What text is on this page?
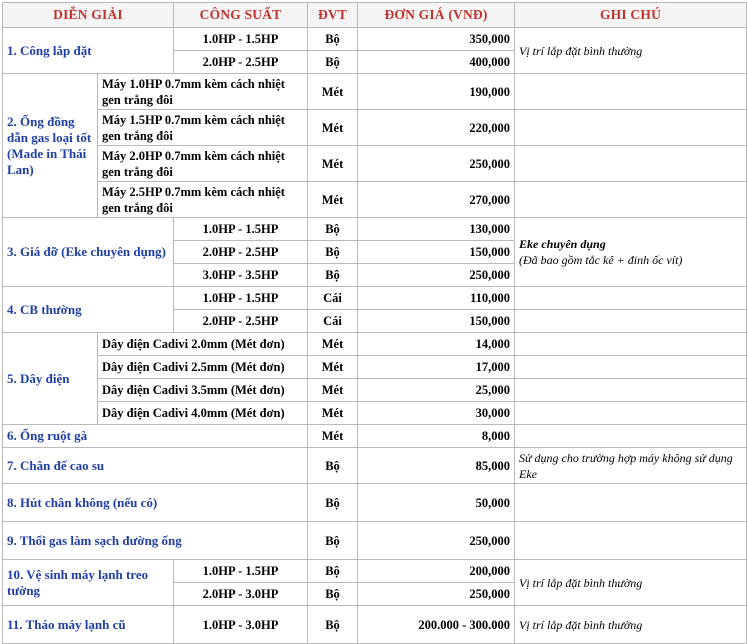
DIỄN GIẢI		CÔNG SUẤT	ĐVT	ĐƠN GIÁ (VNĐ)	GHI CHÚ
1. Công lắp đặt		1.0HP - 1.5HP	Bộ	350,000	Vị trí lắp đặt bình thường
		2.0HP - 2.5HP	Bộ	400,000	
2. Ống đồng dẫn gas loại tốt (Made in Thái Lan)	Máy 1.0HP 0.7mm kèm cách nhiệt gen trắng đôi		Mét	190,000	
	Máy 1.5HP 0.7mm kèm cách nhiệt gen trắng đôi		Mét	220,000	
	Máy 2.0HP 0.7mm kèm cách nhiệt gen trắng đôi		Mét	250,000	
	Máy 2.5HP 0.7mm kèm cách nhiệt gen trắng đôi		Mét	270,000	
3. Giá đỡ (Eke chuyên dụng)		1.0HP - 1.5HP	Bộ	130,000	Eke chuyên dụng
(Đã bao gồm tắc kê + đinh ốc vít)
		2.0HP - 2.5HP	Bộ	150,000	
		3.0HP - 3.5HP	Bộ	250,000	
4. CB thường		1.0HP - 1.5HP	Cái	110,000	
		2.0HP - 2.5HP	Cái	150,000	
5. Dây điện	Dây điện Cadivi 2.0mm (Mét đơn)		Mét	14,000	
	Dây điện Cadivi 2.5mm (Mét đơn)		Mét	17,000	
	Dây điện Cadivi 3.5mm (Mét đơn)		Mét	25,000	
	Dây điện Cadivi 4.0mm (Mét đơn)		Mét	30,000	
6. Ống ruột gà			Mét	8,000	
7. Chân đế cao su			Bộ	85,000	Sử dụng cho trường hợp máy không sử dụng Eke
8. Hút chân không (nếu có)			Bộ	50,000	
9. Thổi gas làm sạch đường ống			Bộ	250,000	
10. Vệ sinh máy lạnh treo tường		1.0HP - 1.5HP	Bộ	200,000	Vị trí lắp đặt bình thường
		2.0HP - 3.0HP	Bộ	250,000	
11. Tháo máy lạnh cũ		1.0HP - 3.0HP	Bộ	200.000 - 300.000	Vị trí lắp đặt bình thường
